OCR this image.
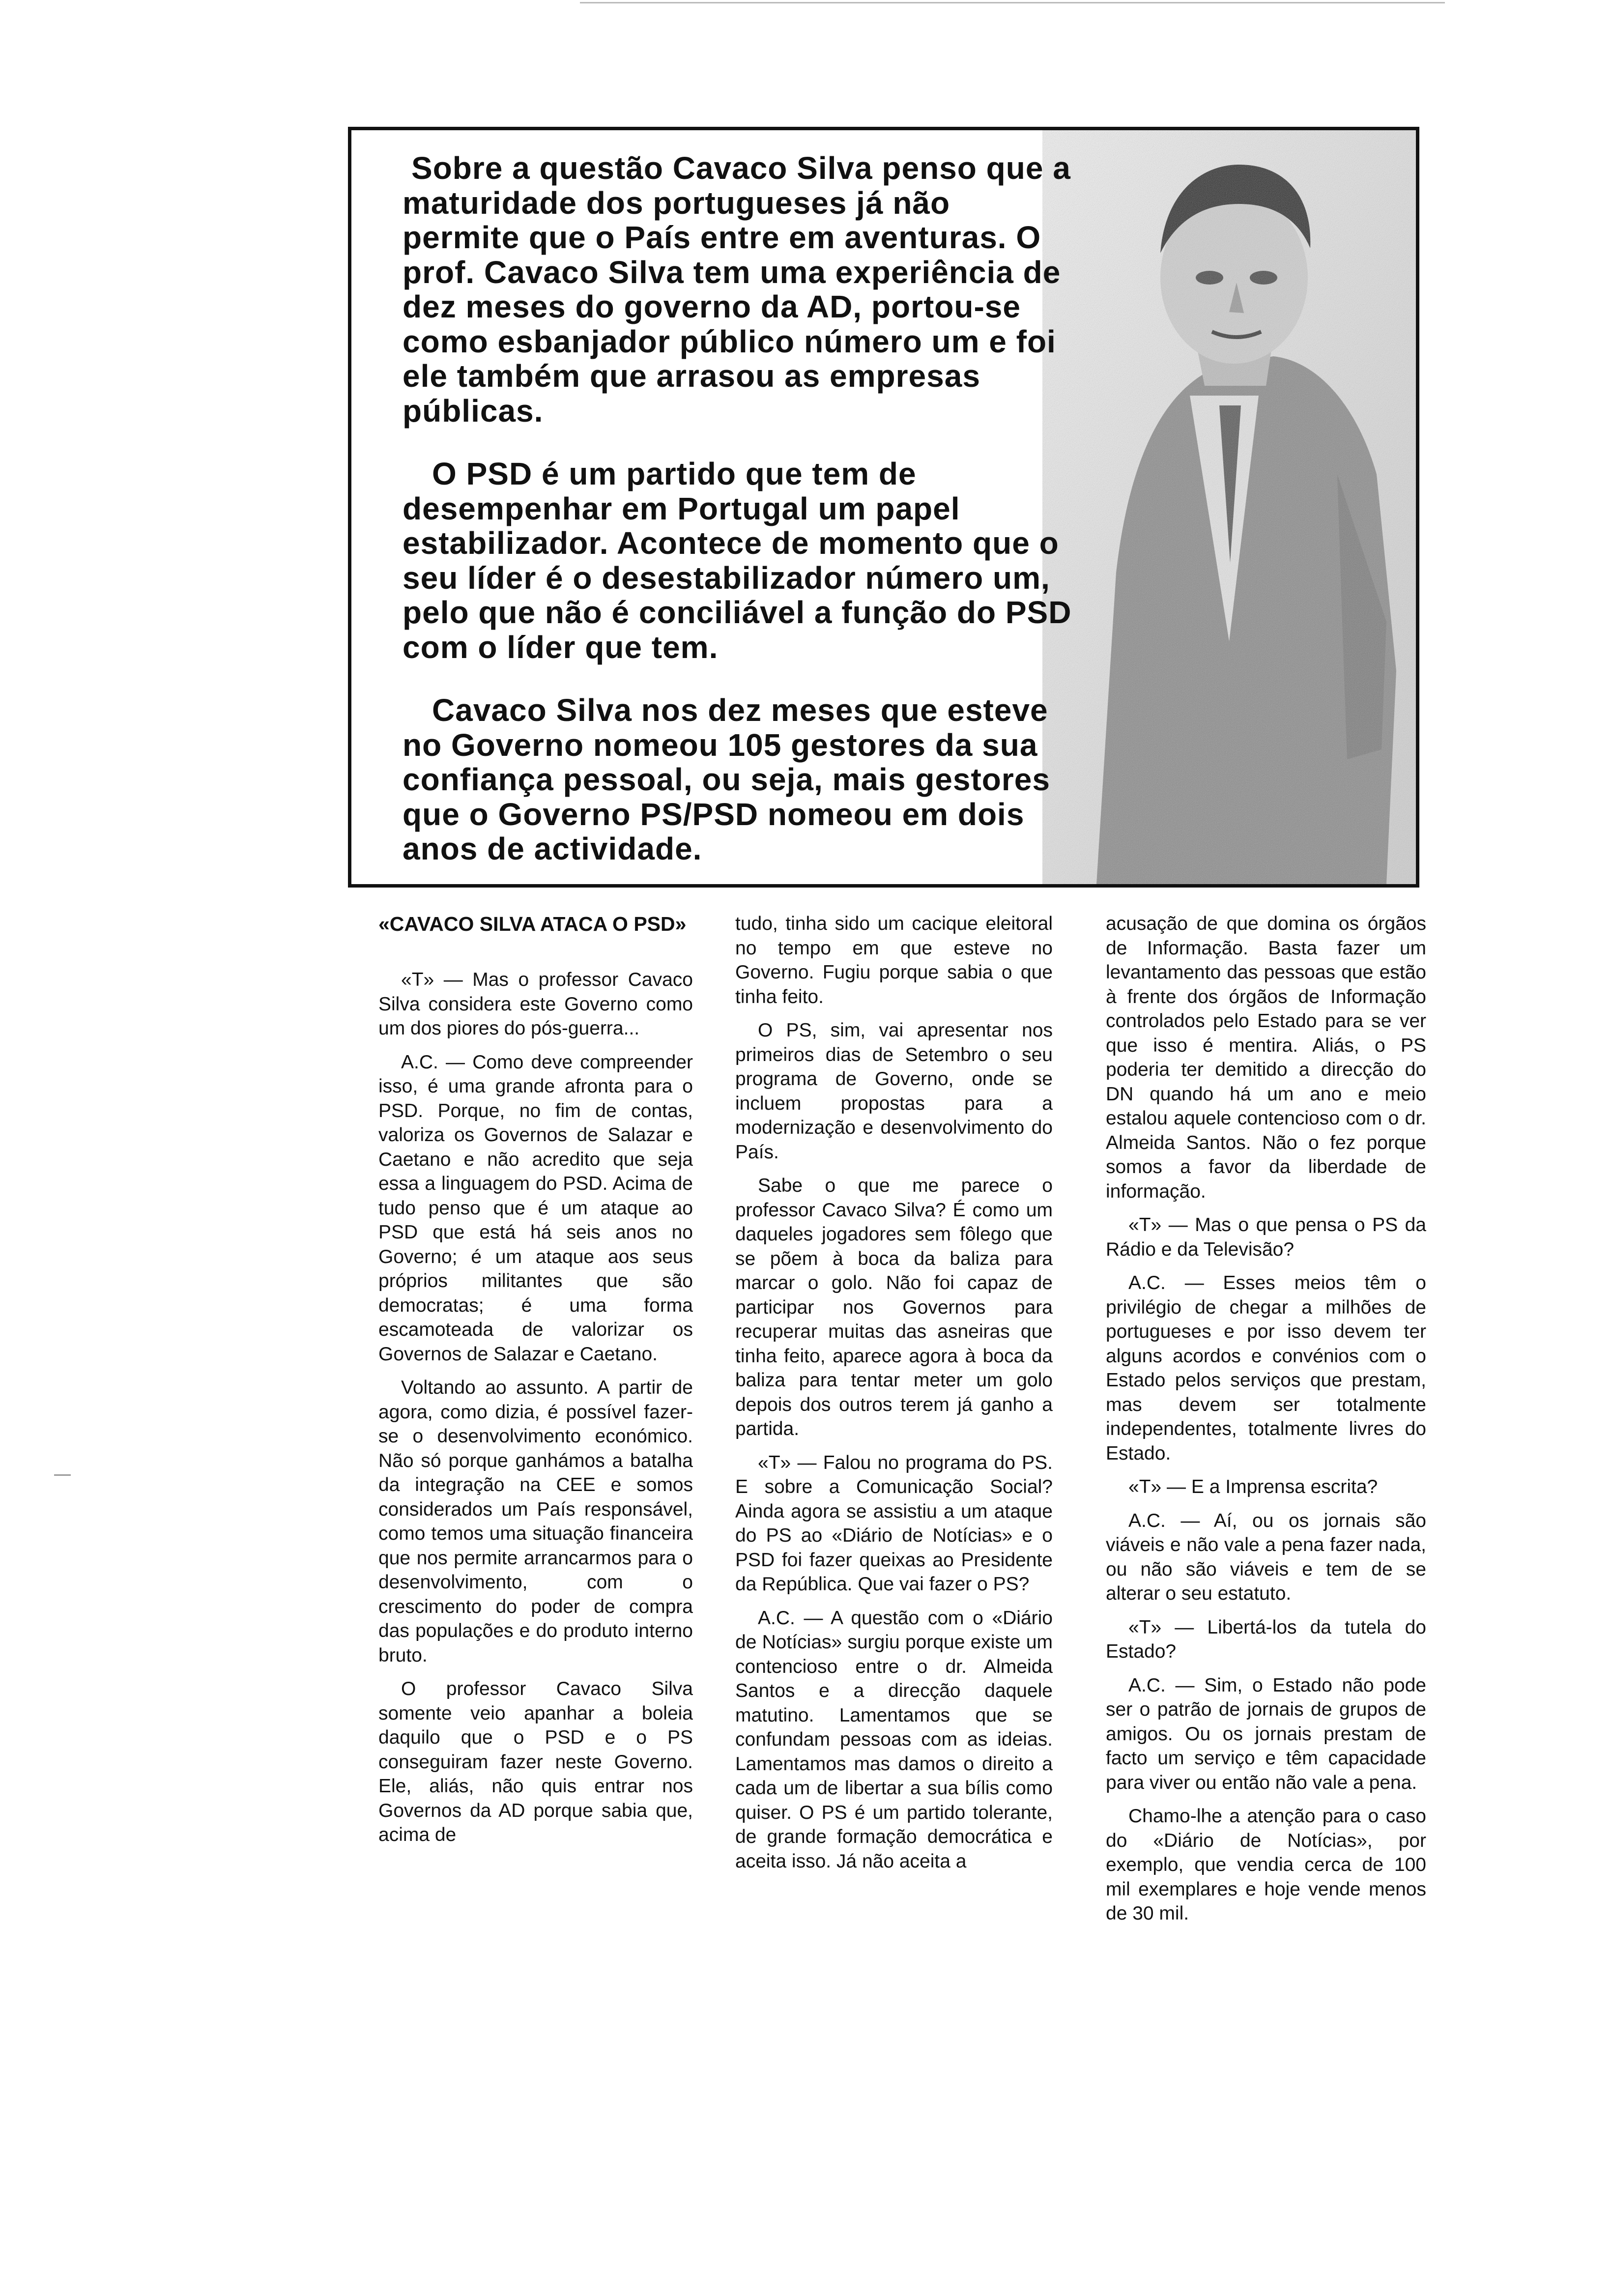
Sobre a questão Cavaco Silva penso que a maturidade dos portugueses já não permite que o País entre em aventuras. O prof. Cavaco Silva tem uma experiência de dez meses do governo da AD, portou-se como esbanjador público número um e foi ele também que arrasou as empresas públicas.

O PSD é um partido que tem de desempenhar em Portugal um papel estabilizador. Acontece de momento que o seu líder é o desestabilizador número um, pelo que não é conciliável a função do PSD com o líder que tem.

Cavaco Silva nos dez meses que esteve no Governo nomeou 105 gestores da sua confiança pessoal, ou seja, mais gestores que o Governo PS/PSD nomeou em dois anos de actividade.

«CAVACO SILVA ATACA O PSD»

«T» — Mas o professor Cavaco Silva considera este Governo como um dos piores do pós-guerra...

A.C. — Como deve compreender isso, é uma grande afronta para o PSD. Porque, no fim de contas, valoriza os Governos de Salazar e Caetano e não acredito que seja essa a linguagem do PSD. Acima de tudo penso que é um ataque ao PSD que está há seis anos no Governo; é um ataque aos seus próprios militantes que são democratas; é uma forma escamoteada de valorizar os Governos de Salazar e Caetano.

Voltando ao assunto. A partir de agora, como dizia, é possível fazer-se o desenvolvimento económico. Não só porque ganhámos a batalha da integração na CEE e somos considerados um País responsável, como temos uma situação financeira que nos permite arrancarmos para o desenvolvimento, com o crescimento do poder de compra das populações e do produto interno bruto.

O professor Cavaco Silva somente veio apanhar a boleia daquilo que o PSD e o PS conseguiram fazer neste Governo. Ele, aliás, não quis entrar nos Governos da AD porque sabia que, acima de

tudo, tinha sido um cacique eleitoral no tempo em que esteve no Governo. Fugiu porque sabia o que tinha feito.

O PS, sim, vai apresentar nos primeiros dias de Setembro o seu programa de Governo, onde se incluem propostas para a modernização e desenvolvimento do País.

Sabe o que me parece o professor Cavaco Silva? É como um daqueles jogadores sem fôlego que se põem à boca da baliza para marcar o golo. Não foi capaz de participar nos Governos para recuperar muitas das asneiras que tinha feito, aparece agora à boca da baliza para tentar meter um golo depois dos outros terem já ganho a partida.

«T» — Falou no programa do PS. E sobre a Comunicação Social? Ainda agora se assistiu a um ataque do PS ao «Diário de Notícias» e o PSD foi fazer queixas ao Presidente da República. Que vai fazer o PS?

A.C. — A questão com o «Diário de Notícias» surgiu porque existe um contencioso entre o dr. Almeida Santos e a direcção daquele matutino. Lamentamos que se confundam pessoas com as ideias. Lamentamos mas damos o direito a cada um de libertar a sua bílis como quiser. O PS é um partido tolerante, de grande formação democrática e aceita isso. Já não aceita a

acusação de que domina os órgãos de Informação. Basta fazer um levantamento das pessoas que estão à frente dos órgãos de Informação controlados pelo Estado para se ver que isso é mentira. Aliás, o PS poderia ter demitido a direcção do DN quando há um ano e meio estalou aquele contencioso com o dr. Almeida Santos. Não o fez porque somos a favor da liberdade de informação.

«T» — Mas o que pensa o PS da Rádio e da Televisão?

A.C. — Esses meios têm o privilégio de chegar a milhões de portugueses e por isso devem ter alguns acordos e convénios com o Estado pelos serviços que prestam, mas devem ser totalmente independentes, totalmente livres do Estado.

«T» — E a Imprensa escrita?

A.C. — Aí, ou os jornais são viáveis e não vale a pena fazer nada, ou não são viáveis e tem de se alterar o seu estatuto.

«T» — Libertá-los da tutela do Estado?

A.C. — Sim, o Estado não pode ser o patrão de jornais de grupos de amigos. Ou os jornais prestam de facto um serviço e têm capacidade para viver ou então não vale a pena.

Chamo-lhe a atenção para o caso do «Diário de Notícias», por exemplo, que vendia cerca de 100 mil exemplares e hoje vende menos de 30 mil.
